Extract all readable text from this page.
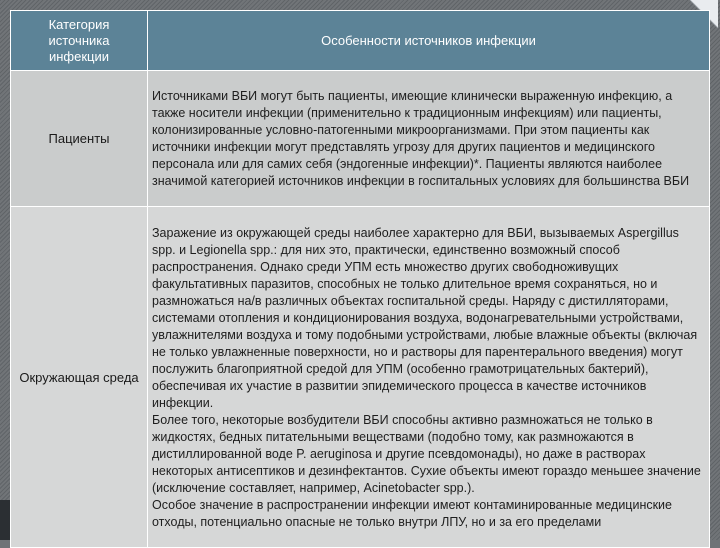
Категория источника инфекции	Особенности источников инфекции
Пациенты	Источниками ВБИ могут быть пациенты, имеющие клинически выраженную инфекцию, а также носители инфекции (применительно к традиционным инфекциям) или пациенты, колонизированные условно-патогенными микроорганизмами. При этом пациенты как источники инфекции могут представлять угрозу для других пациентов и медицинского персонала или для самих себя (эндогенные инфекции)*. Пациенты являются наиболее значимой категорией источников инфекции в госпитальных условиях для большинства ВБИ

Окружающая среда	Заражение из окружающей среды наиболее характерно для ВБИ, вызываемых Aspergillus spp. и Legionella spp.: для них это, практически, единственно возможный способ распространения. Однако среди УПМ есть множество других свободноживущих факультативных паразитов, способных не только длительное время сохраняться, но и размножаться на/в различных объектах госпитальной среды. Наряду с дистилляторами, системами отопления и кондиционирования воздуха, водонагревательными устройствами, увлажнителями воздуха и тому подобными устройствами, любые влажные объекты (включая не только увлажненные поверхности, но и растворы для парентерального введения) могут послужить благоприятной средой для УПМ (особенно грамотрицательных бактерий), обеспечивая их участие в развитии эпидемического процесса в качестве источников инфекции.
Более того, некоторые возбудители ВБИ способны активно размножаться не только в жидкостях, бедных питательными веществами (подобно тому, как размножаются в дистиллированной воде P. aeruginosa и другие псевдомонады), но даже в растворах некоторых антисептиков и дезинфектантов. Сухие объекты имеют гораздо меньшее значение (исключение составляет, например, Acinetobacter spp.).
Особое значение в распространении инфекции имеют контаминированные медицинские отходы, потенциально опасные не только внутри ЛПУ, но и за его пределами
